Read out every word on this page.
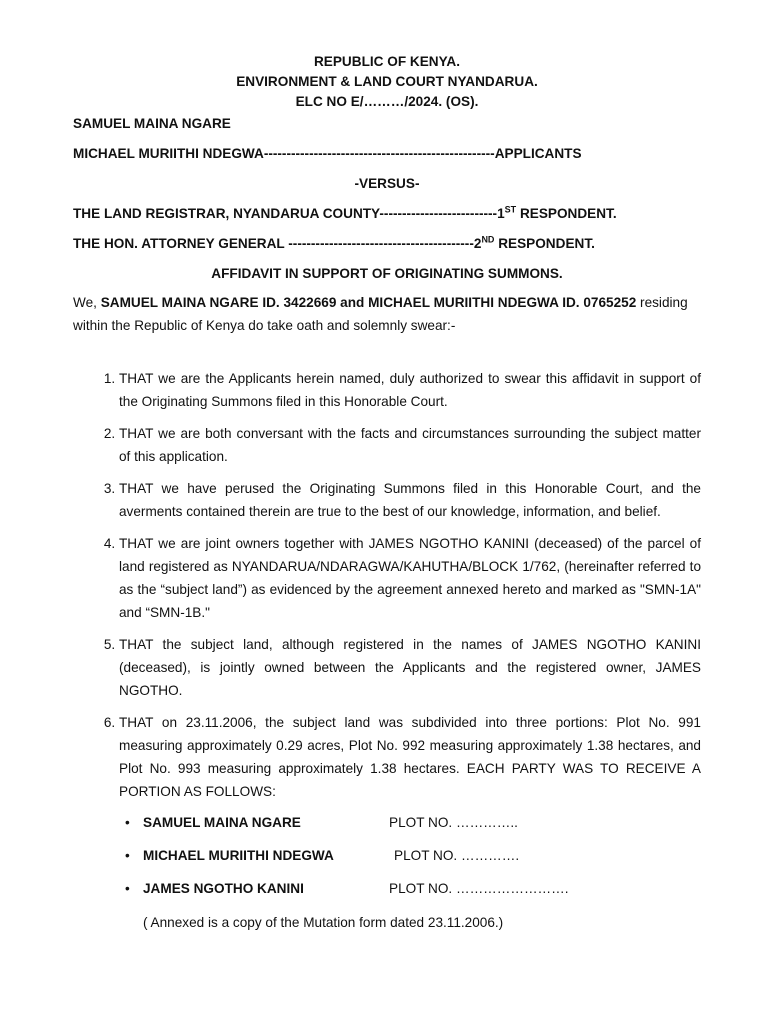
REPUBLIC OF KENYA.
ENVIRONMENT & LAND COURT NYANDARUA.
ELC NO E/………/2024. (OS).
SAMUEL MAINA NGARE
MICHAEL MURIITHI NDEGWA---------------------------------------------------APPLICANTS
-VERSUS-
THE LAND REGISTRAR, NYANDARUA COUNTY--------------------------1ST RESPONDENT.
THE HON. ATTORNEY GENERAL -----------------------------------------2ND RESPONDENT.
AFFIDAVIT IN SUPPORT OF ORIGINATING SUMMONS.
We, SAMUEL MAINA NGARE ID. 3422669 and MICHAEL MURIITHI NDEGWA ID. 0765252 residing within the Republic of Kenya do take oath and solemnly swear:-
1. THAT we are the Applicants herein named, duly authorized to swear this affidavit in support of the Originating Summons filed in this Honorable Court.
2. THAT we are both conversant with the facts and circumstances surrounding the subject matter of this application.
3. THAT we have perused the Originating Summons filed in this Honorable Court, and the averments contained therein are true to the best of our knowledge, information, and belief.
4. THAT we are joint owners together with JAMES NGOTHO KANINI (deceased) of the parcel of land registered as NYANDARUA/NDARAGWA/KAHUTHA/BLOCK 1/762, (hereinafter referred to as the “subject land”) as evidenced by the agreement annexed hereto and marked as "SMN-1A" and “SMN-1B."
5. THAT the subject land, although registered in the names of JAMES NGOTHO KANINI (deceased), is jointly owned between the Applicants and the registered owner, JAMES NGOTHO.
6. THAT on 23.11.2006, the subject land was subdivided into three portions: Plot No. 991 measuring approximately 0.29 acres, Plot No. 992 measuring approximately 1.38 hectares, and Plot No. 993 measuring approximately 1.38 hectares. EACH PARTY WAS TO RECEIVE A PORTION AS FOLLOWS:
• SAMUEL MAINA NGARE	PLOT NO. …………..
• MICHAEL MURIITHI NDEGWA	PLOT NO. ………….
• JAMES NGOTHO KANINI	PLOT NO. …………………….
( Annexed is a copy of the Mutation form dated 23.11.2006.)
